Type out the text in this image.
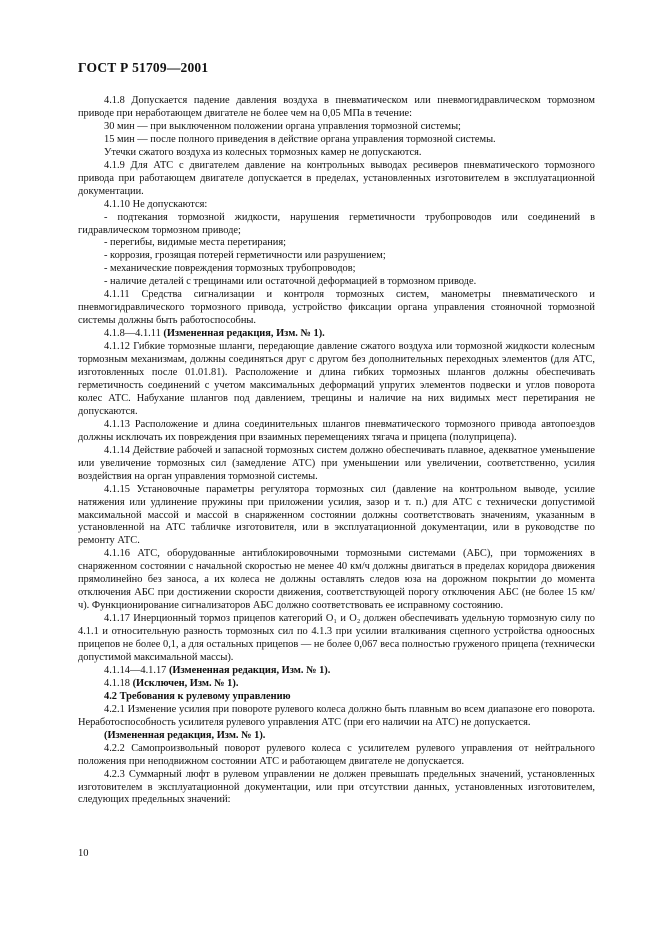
ГОСТ Р 51709—2001

4.1.8 Допускается падение давления воздуха в пневматическом или пневмогидравлическом тормозном приводе при неработающем двигателе не более чем на 0,05 МПа в течение:

30 мин — при выключенном положении органа управления тормозной системы;

15 мин — после полного приведения в действие органа управления тормозной системы.

Утечки сжатого воздуха из колесных тормозных камер не допускаются.

4.1.9 Для АТС с двигателем давление на контрольных выводах ресиверов пневматического тормозного привода при работающем двигателе допускается в пределах, установленных изготовителем в эксплуатационной документации.

4.1.10 Не допускаются:

- подтекания тормозной жидкости, нарушения герметичности трубопроводов или соединений в гидравлическом тормозном приводе;

- перегибы, видимые места перетирания;

- коррозия, грозящая потерей герметичности или разрушением;

- механические повреждения тормозных трубопроводов;

- наличие деталей с трещинами или остаточной деформацией в тормозном приводе.

4.1.11 Средства сигнализации и контроля тормозных систем, манометры пневматического и пневмогидравлического тормозного привода, устройство фиксации органа управления стояночной тормозной системы должны быть работоспособны.

4.1.8—4.1.11 (Измененная редакция, Изм. № 1).

4.1.12 Гибкие тормозные шланги, передающие давление сжатого воздуха или тормозной жидкости колесным тормозным механизмам, должны соединяться друг с другом без дополнительных переходных элементов (для АТС, изготовленных после 01.01.81). Расположение и длина гибких тормозных шлангов должны обеспечивать герметичность соединений с учетом максимальных деформаций упругих элементов подвески и углов поворота колес АТС. Набухание шлангов под давлением, трещины и наличие на них видимых мест перетирания не допускаются.

4.1.13 Расположение и длина соединительных шлангов пневматического тормозного привода автопоездов должны исключать их повреждения при взаимных перемещениях тягача и прицепа (полуприцепа).

4.1.14 Действие рабочей и запасной тормозных систем должно обеспечивать плавное, адекватное уменьшение или увеличение тормозных сил (замедление АТС) при уменьшении или увеличении, соответственно, усилия воздействия на орган управления тормозной системы.

4.1.15 Установочные параметры регулятора тормозных сил (давление на контрольном выводе, усилие натяжения или удлинение пружины при приложении усилия, зазор и т. п.) для АТС с технически допустимой максимальной массой и массой в снаряженном состоянии должны соответствовать значениям, указанным в установленной на АТС табличке изготовителя, или в эксплуатационной документации, или в руководстве по ремонту АТС.

4.1.16 АТС, оборудованные антиблокировочными тормозными системами (АБС), при торможениях в снаряженном состоянии с начальной скоростью не менее 40 км/ч должны двигаться в пределах коридора движения прямолинейно без заноса, а их колеса не должны оставлять следов юза на дорожном покрытии до момента отключения АБС при достижении скорости движения, соответствующей порогу отключения АБС (не более 15 км/ч). Функционирование сигнализаторов АБС должно соответствовать ее исправному состоянию.

4.1.17 Инерционный тормоз прицепов категорий O₁ и O₂ должен обеспечивать удельную тормозную силу по 4.1.1 и относительную разность тормозных сил по 4.1.3 при усилии вталкивания сцепного устройства одноосных прицепов не более 0,1, а для остальных прицепов — не более 0,067 веса полностью груженого прицепа (технически допустимой максимальной массы).

4.1.14—4.1.17 (Измененная редакция, Изм. № 1).

4.1.18 (Исключен, Изм. № 1).

4.2 Требования к рулевому управлению

4.2.1 Изменение усилия при повороте рулевого колеса должно быть плавным во всем диапазоне его поворота. Неработоспособность усилителя рулевого управления АТС (при его наличии на АТС) не допускается.

(Измененная редакция, Изм. № 1).

4.2.2 Самопроизвольный поворот рулевого колеса с усилителем рулевого управления от нейтрального положения при неподвижном состоянии АТС и работающем двигателе не допускается.

4.2.3 Суммарный люфт в рулевом управлении не должен превышать предельных значений, установленных изготовителем в эксплуатационной документации, или при отсутствии данных, установленных изготовителем, следующих предельных значений:

10
